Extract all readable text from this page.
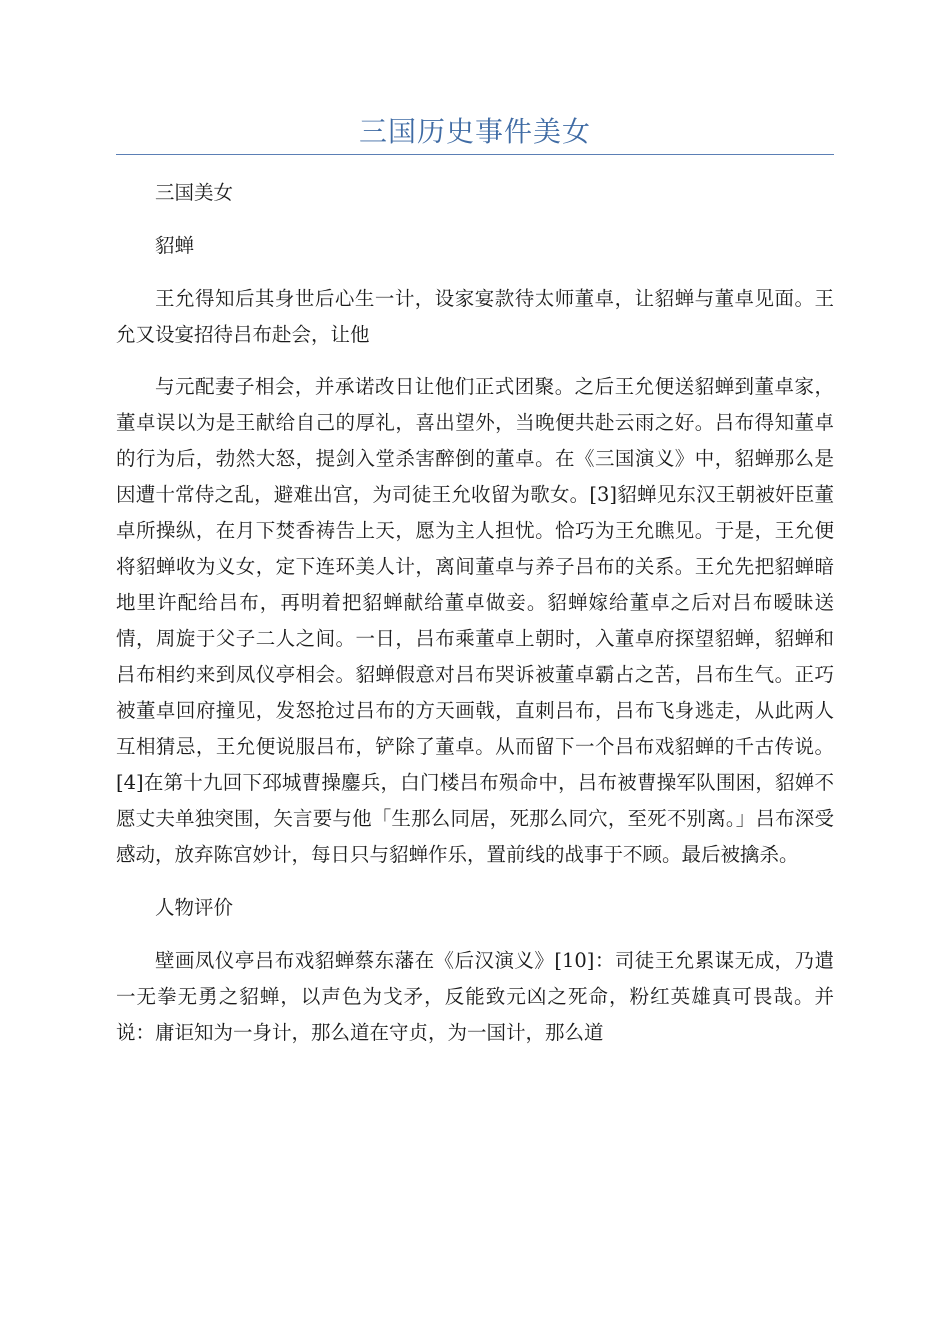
三国历史事件美女

三国美女

貂蝉

王允得知后其身世后心生一计，设家宴款待太师董卓，让貂蝉与董卓见面。王允又设宴招待吕布赴会，让他

与元配妻子相会，并承诺改日让他们正式团聚。之后王允便送貂蝉到董卓家，董卓误以为是王献给自己的厚礼，喜出望外，当晚便共赴云雨之好。吕布得知董卓的行为后，勃然大怒，提剑入堂杀害醉倒的董卓。在《三国演义》中，貂蝉那么是因遭十常侍之乱，避难出宫，为司徒王允收留为歌女。[3]貂蝉见东汉王朝被奸臣董卓所操纵，在月下焚香祷告上天，愿为主人担忧。恰巧为王允瞧见。于是，王允便将貂蝉收为义女，定下连环美人计，离间董卓与养子吕布的关系。王允先把貂蝉暗地里许配给吕布，再明着把貂蝉献给董卓做妾。貂蝉嫁给董卓之后对吕布暧昧送情，周旋于父子二人之间。一日，吕布乘董卓上朝时，入董卓府探望貂蝉，貂蝉和吕布相约来到凤仪亭相会。貂蝉假意对吕布哭诉被董卓霸占之苦，吕布生气。正巧被董卓回府撞见，发怒抢过吕布的方天画戟，直刺吕布，吕布飞身逃走，从此两人互相猜忌，王允便说服吕布，铲除了董卓。从而留下一个吕布戏貂蝉的千古传说。[4]在第十九回下邳城曹操鏖兵，白门楼吕布殒命中，吕布被曹操军队围困，貂婵不愿丈夫单独突围，矢言要与他「生那么同居，死那么同穴，至死不别离。」吕布深受感动，放弃陈宫妙计，每日只与貂蝉作乐，置前线的战事于不顾。最后被擒杀。

人物评价

壁画凤仪亭吕布戏貂蝉蔡东藩在《后汉演义》[10]：司徒王允累谋无成，乃遣一无拳无勇之貂蝉，以声色为戈矛，反能致元凶之死命，粉红英雄真可畏哉。并说：庸讵知为一身计，那么道在守贞，为一国计，那么道
